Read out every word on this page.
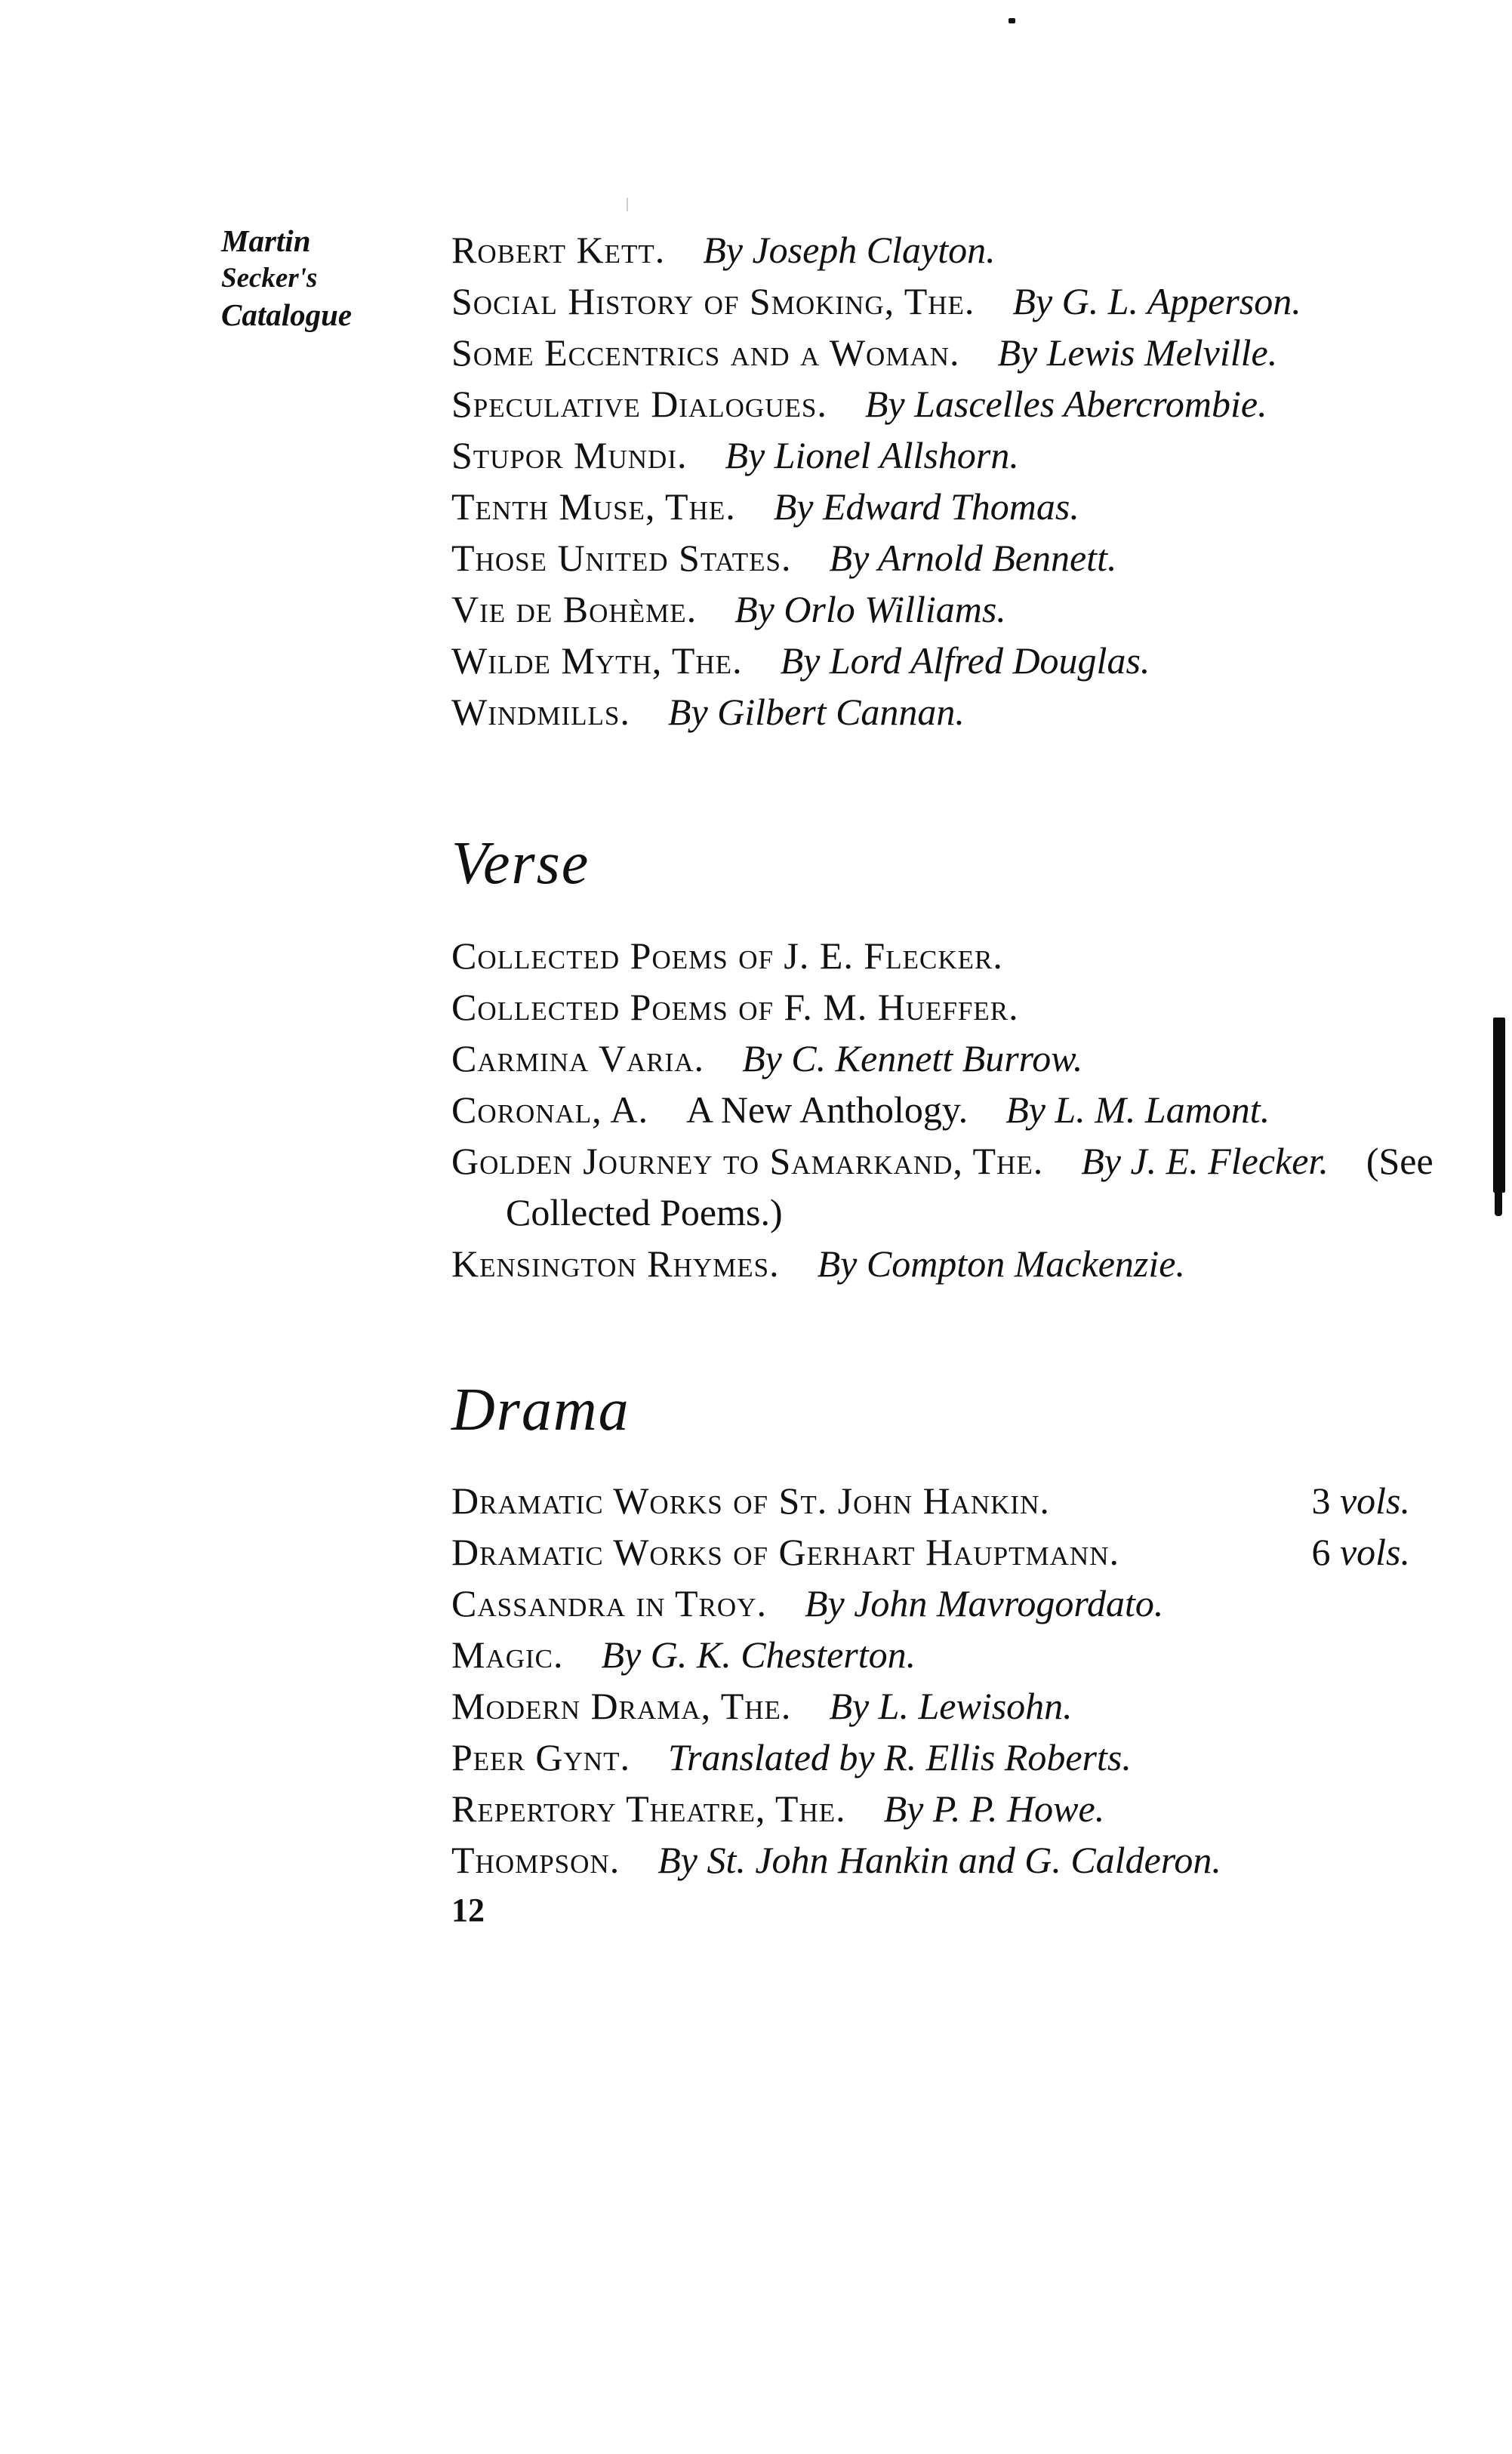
Martin
Secker's
Catalogue
Robert Kett.  By Joseph Clayton.
Social History of Smoking, The.  By G. L. Apperson.
Some Eccentrics and a Woman.  By Lewis Melville.
Speculative Dialogues.  By Lascelles Abercrombie.
Stupor Mundi.  By Lionel Allshorn.
Tenth Muse, The.  By Edward Thomas.
Those United States.  By Arnold Bennett.
Vie de Bohème.  By Orlo Williams.
Wilde Myth, The.  By Lord Alfred Douglas.
Windmills.  By Gilbert Cannan.
Verse
Collected Poems of J. E. Flecker.
Collected Poems of F. M. Hueffer.
Carmina Varia.  By C. Kennett Burrow.
Coronal, A.  A New Anthology.  By L. M. Lamont.
Golden Journey to Samarkand, The.  By J. E. Flecker.  (See Collected Poems.)
Kensington Rhymes.  By Compton Mackenzie.
Drama
Dramatic Works of St. John Hankin.	3 vols.
Dramatic Works of Gerhart Hauptmann.	6 vols.
Cassandra in Troy.  By John Mavrogordato.
Magic.  By G. K. Chesterton.
Modern Drama, The.  By L. Lewisohn.
Peer Gynt.  Translated by R. Ellis Roberts.
Repertory Theatre, The.  By P. P. Howe.
Thompson.  By St. John Hankin and G. Calderon.
12
